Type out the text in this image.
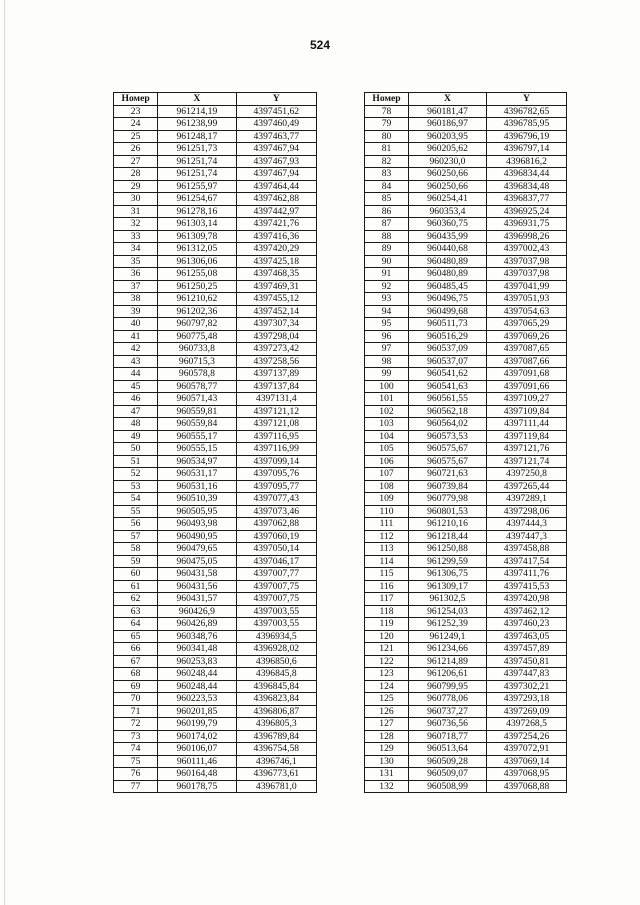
524
Номер	X	Y
23	961214,19	4397451,62
24	961238,99	4397460,49
25	961248,17	4397463,77
26	961251,73	4397467,94
27	961251,74	4397467,93
28	961251,74	4397467,94
29	961255,97	4397464,44
30	961254,67	4397462,88
31	961278,16	4397442,97
32	961303,14	4397421,76
33	961309,78	4397416,36
34	961312,05	4397420,29
35	961306,06	4397425,18
36	961255,08	4397468,35
37	961250,25	4397469,31
38	961210,62	4397455,12
39	961202,36	4397452,14
40	960797,82	4397307,34
41	960775,48	4397298,04
42	960733,8	4397273,42
43	960715,3	4397258,56
44	960578,8	4397137,89
45	960578,77	4397137,84
46	960571,43	4397131,4
47	960559,81	4397121,12
48	960559,84	4397121,08
49	960555,17	4397116,95
50	960555,15	4397116,99
51	960534,97	4397099,14
52	960531,17	4397095,76
53	960531,16	4397095,77
54	960510,39	4397077,43
55	960505,95	4397073,46
56	960493,98	4397062,88
57	960490,95	4397060,19
58	960479,65	4397050,14
59	960475,05	4397046,17
60	960431,58	4397007,77
61	960431,56	4397007,75
62	960431,57	4397007,75
63	960426,9	4397003,55
64	960426,89	4397003,55
65	960348,76	4396934,5
66	960341,48	4396928,02
67	960253,83	4396850,6
68	960248,44	4396845,8
69	960248,44	4396845,84
70	960223,53	4396823,84
71	960201,85	4396806,87
72	960199,79	4396805,3
73	960174,02	4396789,84
74	960106,07	4396754,58
75	960111,46	4396746,1
76	960164,48	4396773,61
77	960178,75	4396781,0
Номер	X	Y
78	960181,47	4396782,65
79	960186,97	4396785,95
80	960203,95	4396796,19
81	960205,62	4396797,14
82	960230,0	4396816,2
83	960250,66	4396834,44
84	960250,66	4396834,48
85	960254,41	4396837,77
86	960353,4	4396925,24
87	960360,75	4396931,75
88	960435,99	4396998,26
89	960440,68	4397002,43
90	960480,89	4397037,98
91	960480,89	4397037,98
92	960485,45	4397041,99
93	960496,75	4397051,93
94	960499,68	4397054,63
95	960511,73	4397065,29
96	960516,29	4397069,26
97	960537,09	4397087,65
98	960537,07	4397087,66
99	960541,62	4397091,68
100	960541,63	4397091,66
101	960561,55	4397109,27
102	960562,18	4397109,84
103	960564,02	4397111,44
104	960573,53	4397119,84
105	960575,67	4397121,76
106	960575,67	4397121,74
107	960721,63	4397250,8
108	960739,84	4397265,44
109	960779,98	4397289,1
110	960801,53	4397298,06
111	961210,16	4397444,3
112	961218,44	4397447,3
113	961250,88	4397458,88
114	961299,59	4397417,54
115	961306,75	4397411,76
116	961309,17	4397415,53
117	961302,5	4397420,98
118	961254,03	4397462,12
119	961252,39	4397460,23
120	961249,1	4397463,05
121	961234,66	4397457,89
122	961214,89	4397450,81
123	961206,61	4397447,83
124	960799,95	4397302,21
125	960778,06	4397293,18
126	960737,27	4397269,09
127	960736,56	4397268,5
128	960718,77	4397254,26
129	960513,64	4397072,91
130	960509,28	4397069,14
131	960509,07	4397068,95
132	960508,99	4397068,88
